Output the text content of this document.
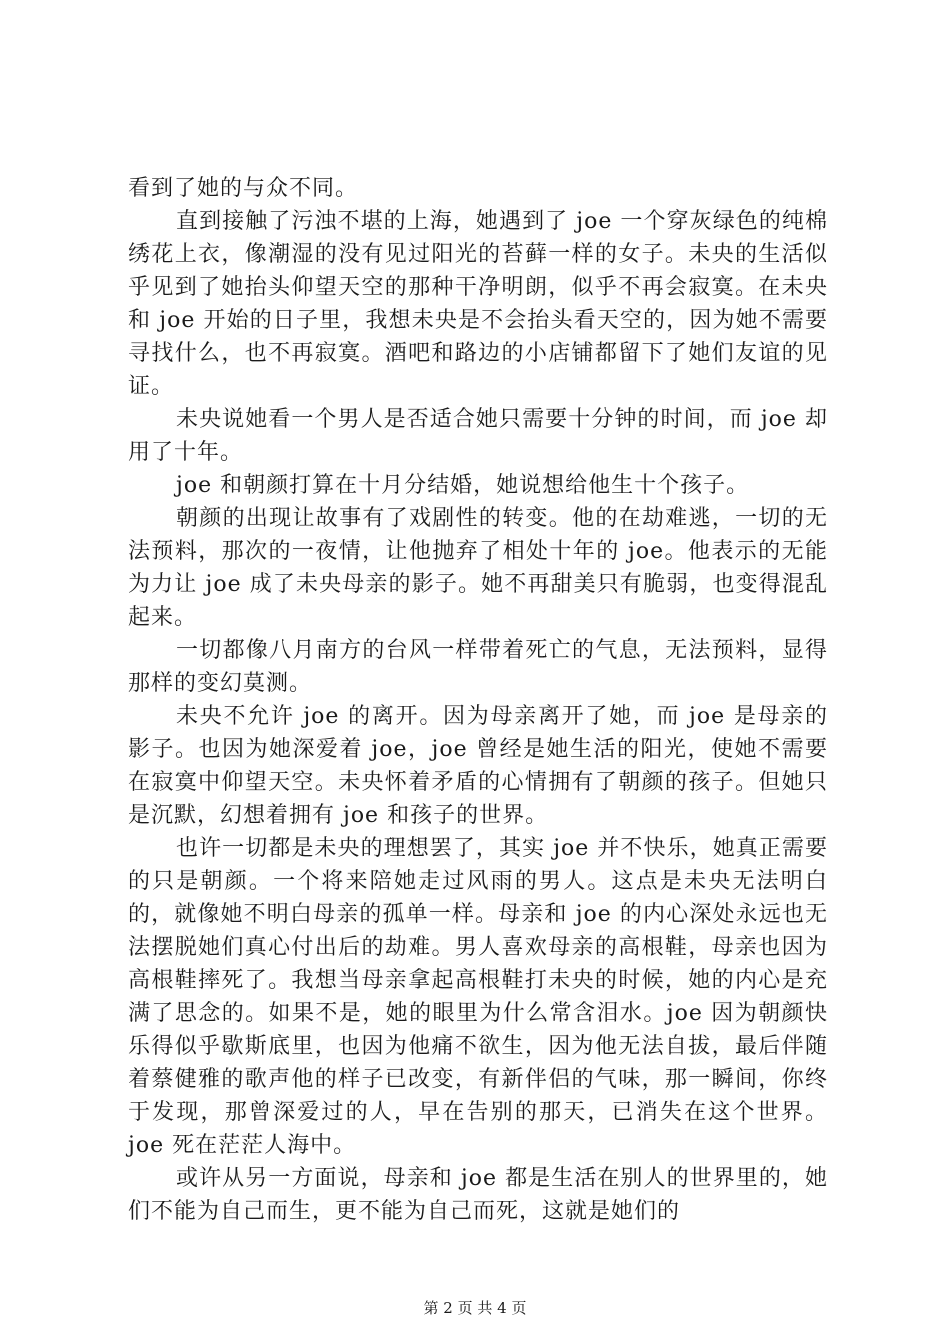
看到了她的与众不同。

直到接触了污浊不堪的上海，她遇到了 joe 一个穿灰绿色的纯棉绣花上衣，像潮湿的没有见过阳光的苔藓一样的女子。未央的生活似乎见到了她抬头仰望天空的那种干净明朗，似乎不再会寂寞。在未央和 joe 开始的日子里，我想未央是不会抬头看天空的，因为她不需要寻找什么，也不再寂寞。酒吧和路边的小店铺都留下了她们友谊的见证。

未央说她看一个男人是否适合她只需要十分钟的时间，而 joe 却用了十年。

joe 和朝颜打算在十月分结婚，她说想给他生十个孩子。

朝颜的出现让故事有了戏剧性的转变。他的在劫难逃，一切的无法预料，那次的一夜情，让他抛弃了相处十年的 joe。他表示的无能为力让 joe 成了未央母亲的影子。她不再甜美只有脆弱，也变得混乱起来。

一切都像八月南方的台风一样带着死亡的气息，无法预料，显得那样的变幻莫测。

未央不允许 joe 的离开。因为母亲离开了她，而 joe 是母亲的影子。也因为她深爱着 joe，joe 曾经是她生活的阳光，使她不需要在寂寞中仰望天空。未央怀着矛盾的心情拥有了朝颜的孩子。但她只是沉默，幻想着拥有 joe 和孩子的世界。

也许一切都是未央的理想罢了，其实 joe 并不快乐，她真正需要的只是朝颜。一个将来陪她走过风雨的男人。这点是未央无法明白的，就像她不明白母亲的孤单一样。母亲和 joe 的内心深处永远也无法摆脱她们真心付出后的劫难。男人喜欢母亲的高根鞋，母亲也因为高根鞋摔死了。我想当母亲拿起高根鞋打未央的时候，她的内心是充满了思念的。如果不是，她的眼里为什么常含泪水。joe 因为朝颜快乐得似乎歇斯底里，也因为他痛不欲生，因为他无法自拔，最后伴随着蔡健雅的歌声他的样子已改变，有新伴侣的气味，那一瞬间，你终于发现，那曾深爱过的人，早在告别的那天，已消失在这个世界。joe 死在茫茫人海中。

或许从另一方面说，母亲和 joe 都是生活在别人的世界里的，她们不能为自己而生，更不能为自己而死，这就是她们的

第 2 页 共 4 页
